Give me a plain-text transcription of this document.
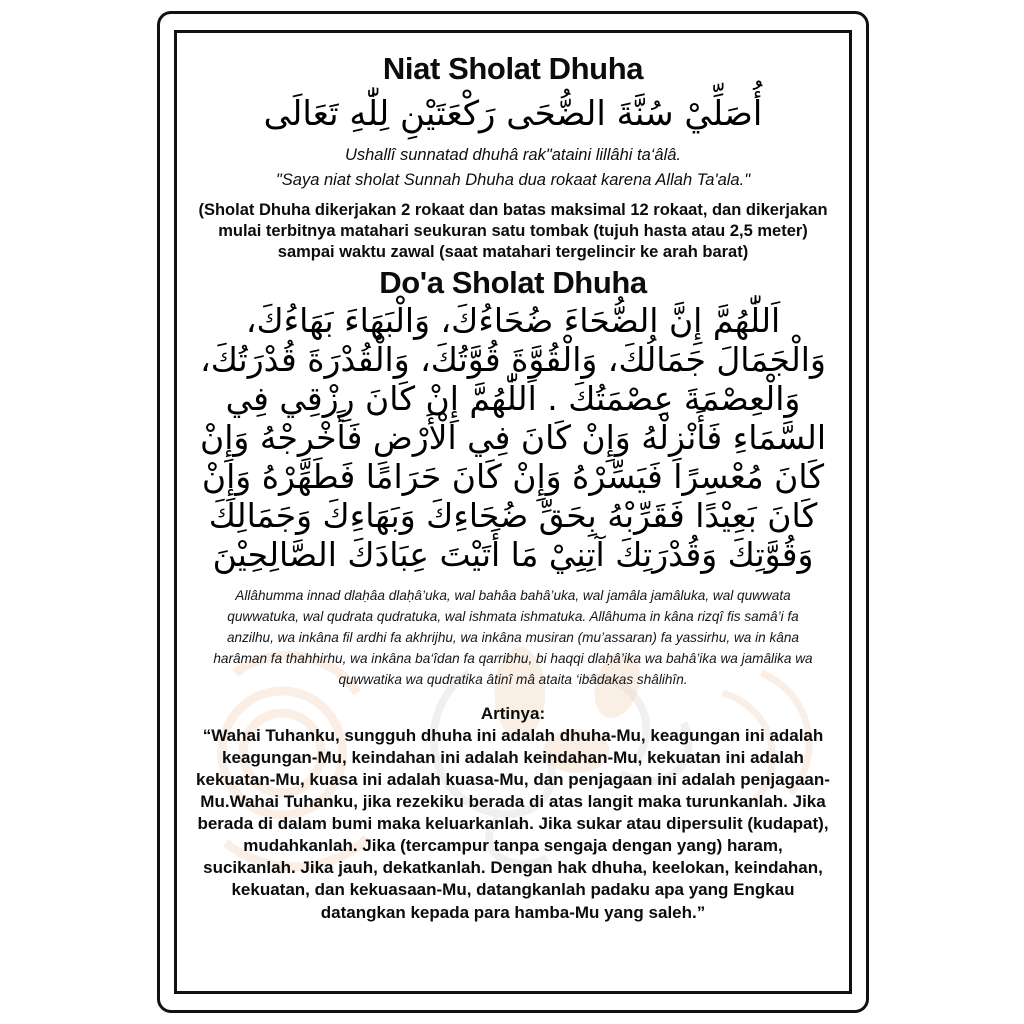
Niat Sholat Dhuha
أُصَلِّيْ سُنَّةَ الضُّحَى رَكْعَتَيْنِ لِلّٰهِ تَعَالَى
Ushallî sunnatad dhuhâ rak"ataini lillâhi ta‘âlâ.
"Saya niat sholat Sunnah Dhuha dua rokaat karena Allah Ta'ala."
(Sholat Dhuha dikerjakan 2 rokaat dan batas maksimal 12 rokaat, dan dikerjakan mulai terbitnya matahari seukuran satu tombak (tujuh hasta atau 2,5 meter) sampai waktu zawal (saat matahari tergelincir ke arah barat)
Do'a Sholat Dhuha
اَللّٰهُمَّ إِنَّ الضُّحَاءَ ضُحَاءُكَ، وَالْبَهَاءَ بَهَاءُكَ،
وَالْجَمَالَ جَمَالُكَ، وَالْقُوَّةَ قُوَّتُكَ، وَالْقُدْرَةَ قُدْرَتُكَ،
وَالْعِصْمَةَ عِصْمَتُكَ . اَللّٰهُمَّ إِنْ كَانَ رِزْقِي فِي
السَّمَاءِ فَأَنْزِلْهُ وَإِنْ كَانَ فِي الْأَرْضِ فَأَخْرِجْهُ وَإِنْ
كَانَ مُعْسِرًا فَيَسِّرْهُ وَإِنْ كَانَ حَرَامًا فَطَهِّرْهُ وَإِنْ
كَانَ بَعِيْدًا فَقَرِّبْهُ بِحَقِّ ضُحَاءِكَ وَبَهَاءِكَ وَجَمَالِكَ
وَقُوَّتِكَ وَقُدْرَتِكَ آتِنِيْ مَا أَتَيْتَ عِبَادَكَ الصَّالِحِيْنَ
Allâhumma innad dlaḥâa dlaḥâ’uka, wal bahâa bahâ’uka, wal jamâla jamâluka, wal quwwata quwwatuka, wal qudrata qudratuka, wal ishmata ishmatuka. Allâhuma in kâna rizqî fis samâ’i fa anzilhu, wa inkâna fil ardhi fa akhrijhu, wa inkâna musiran (mu’assaran) fa yassirhu, wa in kâna harâman fa thahhirhu, wa inkâna ba‘îdan fa qarribhu, bi haqqi dlaḥâ’ika wa bahâ’ika wa jamâlika wa quwwatika wa qudratika âtinî mâ ataita ‘ibâdakas shâlihîn.
Artinya:
“Wahai Tuhanku, sungguh dhuha ini adalah dhuha-Mu, keagungan ini adalah keagungan-Mu, keindahan ini adalah keindahan-Mu, kekuatan ini adalah kekuatan-Mu, kuasa ini adalah kuasa-Mu, dan penjagaan ini adalah penjagaan-Mu.Wahai Tuhanku, jika rezekiku berada di atas langit maka turunkanlah. Jika berada di dalam bumi maka keluarkanlah. Jika sukar atau dipersulit (kudapat), mudahkanlah. Jika (tercampur tanpa sengaja dengan yang) haram, sucikanlah. Jika jauh, dekatkanlah. Dengan hak dhuha, keelokan, keindahan, kekuatan, dan kekuasaan-Mu, datangkanlah padaku apa yang Engkau datangkan kepada para hamba-Mu yang saleh.”
